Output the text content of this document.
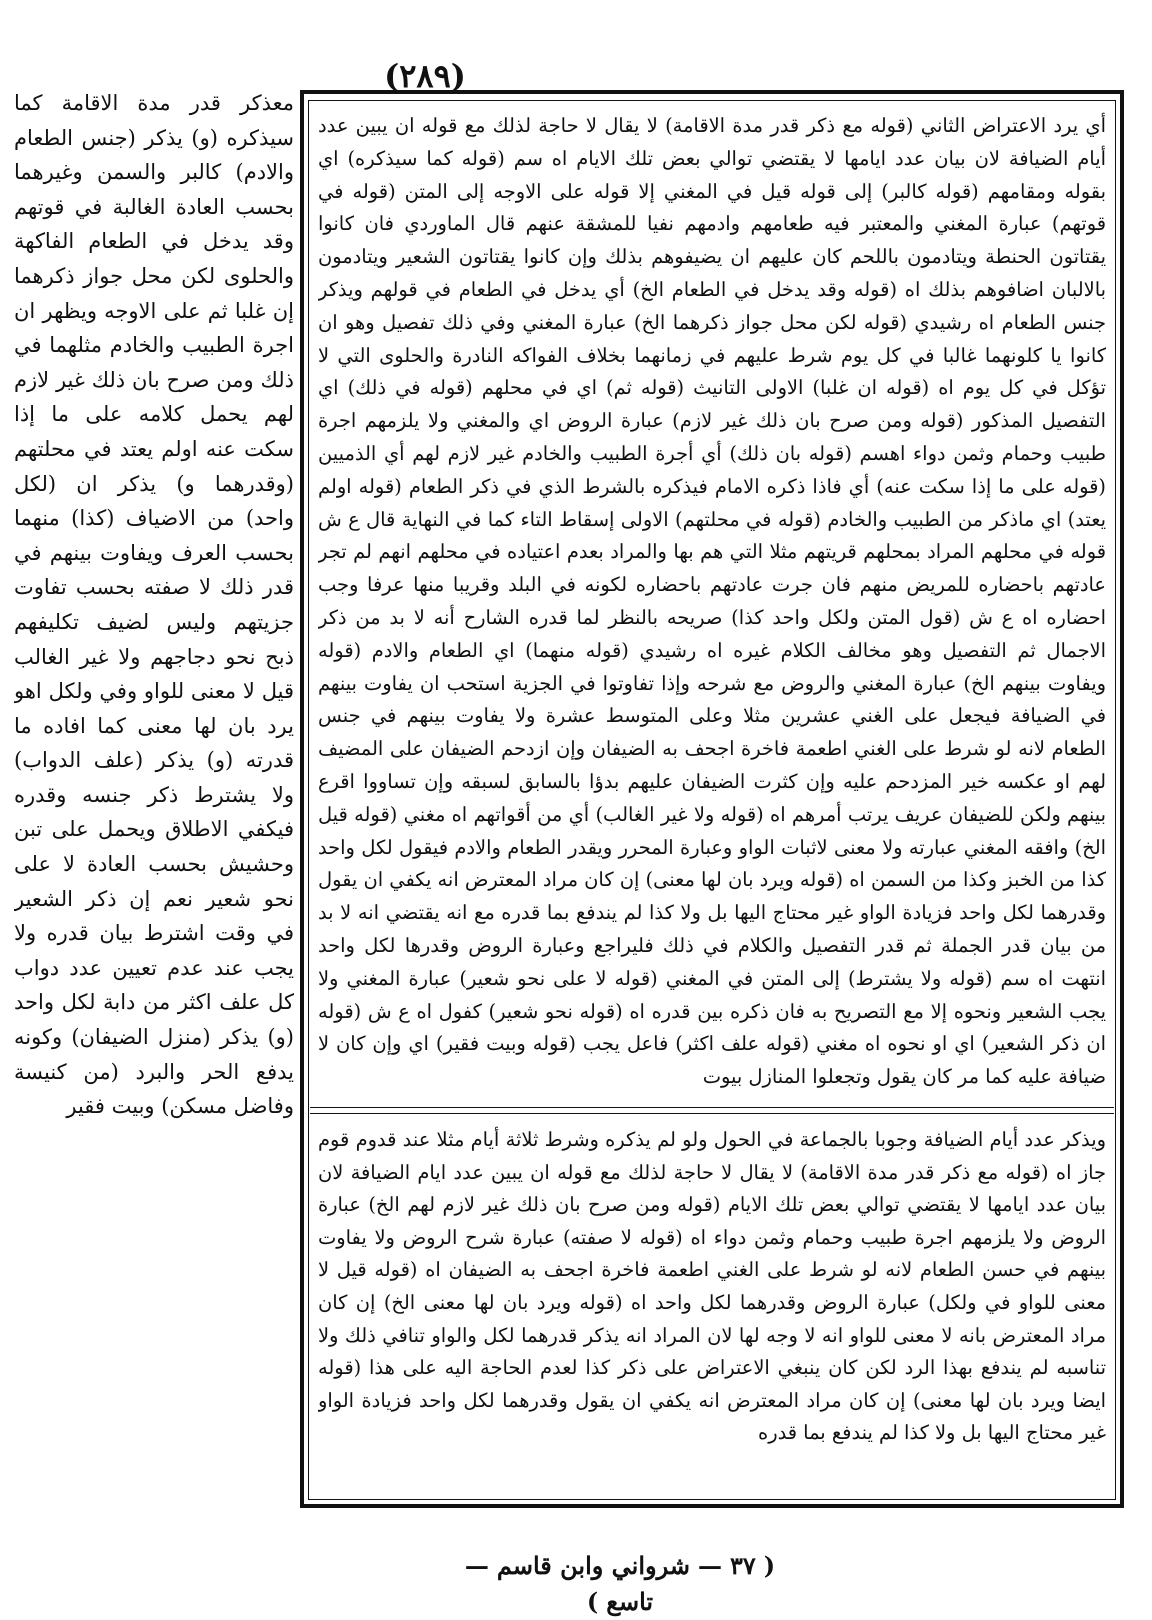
(٢٨٩)

أي يرد الاعتراض الثاني (قوله مع ذكر قدر مدة الاقامة) لا يقال لا حاجة لذلك مع قوله ان يبين عدد أيام الضيافة لان بيان عدد ايامها لا يقتضي توالي بعض تلك الايام اه سم (قوله كما سيذكره) اي بقوله ومقامهم (قوله كالبر) إلى قوله قيل في المغني إلا قوله على الاوجه إلى المتن (قوله في قوتهم) عبارة المغني والمعتبر فيه طعامهم وادمهم نفيا للمشقة عنهم قال الماوردي فان كانوا يقتاتون الحنطة ويتادمون باللحم كان عليهم ان يضيفوهم بذلك وإن كانوا يقتاتون الشعير ويتادمون بالالبان اضافوهم بذلك اه (قوله وقد يدخل في الطعام الخ) أي يدخل في الطعام في قولهم ويذكر جنس الطعام اه رشيدي (قوله لكن محل جواز ذكرهما الخ) عبارة المغني وفي ذلك تفصيل وهو ان كانوا يا كلونهما غالبا في كل يوم شرط عليهم في زمانهما بخلاف الفواكه النادرة والحلوى التي لا تؤكل في كل يوم اه (قوله ان غلبا) الاولى التانيث (قوله ثم) اي في محلهم (قوله في ذلك) اي التفصيل المذكور (قوله ومن صرح بان ذلك غير لازم) عبارة الروض اي والمغني ولا يلزمهم اجرة طبيب وحمام وثمن دواء اهسم (قوله بان ذلك) أي أجرة الطبيب والخادم غير لازم لهم أي الذميين (قوله على ما إذا سكت عنه) أي فاذا ذكره الامام فيذكره بالشرط الذي في ذكر الطعام (قوله اولم يعتد) اي ماذكر من الطبيب والخادم (قوله في محلتهم) الاولى إسقاط التاء كما في النهاية قال ع ش قوله في محلهم المراد بمحلهم قريتهم مثلا التي هم بها والمراد بعدم اعتياده في محلهم انهم لم تجر عادتهم باحضاره للمريض منهم فان جرت عادتهم باحضاره لكونه في البلد وقريبا منها عرفا وجب احضاره اه ع ش (قول المتن ولكل واحد كذا) صريحه بالنظر لما قدره الشارح أنه لا بد من ذكر الاجمال ثم التفصيل وهو مخالف الكلام غيره اه رشيدي (قوله منهما) اي الطعام والادم (قوله ويفاوت بينهم الخ) عبارة المغني والروض مع شرحه وإذا تفاوتوا في الجزية استحب ان يفاوت بينهم في الضيافة فيجعل على الغني عشرين مثلا وعلى المتوسط عشرة ولا يفاوت بينهم في جنس الطعام لانه لو شرط على الغني اطعمة فاخرة اجحف به الضيفان وإن ازدحم الضيفان على المضيف لهم او عكسه خير المزدحم عليه وإن كثرت الضيفان عليهم بدؤا بالسابق لسبقه وإن تساووا اقرع بينهم ولكن للضيفان عريف يرتب أمرهم اه (قوله ولا غير الغالب) أي من أقواتهم اه مغني (قوله قيل الخ) وافقه المغني عبارته ولا معنى لاثبات الواو وعبارة المحرر ويقدر الطعام والادم فيقول لكل واحد كذا من الخبز وكذا من السمن اه (قوله ويرد بان لها معنى) إن كان مراد المعترض انه يكفي ان يقول وقدرهما لكل واحد فزيادة الواو غير محتاج اليها بل ولا كذا لم يندفع بما قدره مع انه يقتضي انه لا بد من بيان قدر الجملة ثم قدر التفصيل والكلام في ذلك فليراجع وعبارة الروض وقدرها لكل واحد انتهت اه سم (قوله ولا يشترط) إلى المتن في المغني (قوله لا على نحو شعير) عبارة المغني ولا يجب الشعير ونحوه إلا مع التصريح به فان ذكره بين قدره اه (قوله نحو شعير) كفول اه ع ش (قوله ان ذكر الشعير) اي او نحوه اه مغني (قوله علف اكثر) فاعل يجب (قوله وبيت فقير) اي وإن كان لا ضيافة عليه كما مر كان يقول وتجعلوا المنازل بيوت

ويذكر عدد أيام الضيافة وجوبا بالجماعة في الحول ولو لم يذكره وشرط ثلاثة أيام مثلا عند قدوم قوم جاز اه (قوله مع ذكر قدر مدة الاقامة) لا يقال لا حاجة لذلك مع قوله ان يبين عدد ايام الضيافة لان بيان عدد ايامها لا يقتضي توالي بعض تلك الايام (قوله ومن صرح بان ذلك غير لازم لهم الخ) عبارة الروض ولا يلزمهم اجرة طبيب وحمام وثمن دواء اه (قوله لا صفته) عبارة شرح الروض ولا يفاوت بينهم في حسن الطعام لانه لو شرط على الغني اطعمة فاخرة اجحف به الضيفان اه (قوله قيل لا معنى للواو في ولكل) عبارة الروض وقدرهما لكل واحد اه (قوله ويرد بان لها معنى الخ) إن كان مراد المعترض بانه لا معنى للواو انه لا وجه لها لان المراد انه يذكر قدرهما لكل والواو تنافي ذلك ولا تناسبه لم يندفع بهذا الرد لكن كان ينبغي الاعتراض على ذكر كذا لعدم الحاجة اليه على هذا (قوله ايضا ويرد بان لها معنى) إن كان مراد المعترض انه يكفي ان يقول وقدرهما لكل واحد فزيادة الواو غير محتاج اليها بل ولا كذا لم يندفع بما قدره

معذكر قدر مدة الاقامة كما سيذكره (و) يذكر (جنس الطعام والادم) كالبر والسمن وغيرهما بحسب العادة الغالبة في قوتهم وقد يدخل في الطعام الفاكهة والحلوى لكن محل جواز ذكرهما إن غلبا ثم على الاوجه ويظهر ان اجرة الطبيب والخادم مثلهما في ذلك ومن صرح بان ذلك غير لازم لهم يحمل كلامه على ما إذا سكت عنه اولم يعتد في محلتهم (وقدرهما و) يذكر ان (لكل واحد) من الاضياف (كذا) منهما بحسب العرف ويفاوت بينهم في قدر ذلك لا صفته بحسب تفاوت جزيتهم وليس لضيف تكليفهم ذبح نحو دجاجهم ولا غير الغالب قيل لا معنى للواو وفي ولكل اهو يرد بان لها معنى كما افاده ما قدرته (و) يذكر (علف الدواب) ولا يشترط ذكر جنسه وقدره فيكفي الاطلاق ويحمل على تبن وحشيش بحسب العادة لا على نحو شعير نعم إن ذكر الشعير في وقت اشترط بيان قدره ولا يجب عند عدم تعيين عدد دواب كل علف اكثر من دابة لكل واحد (و) يذكر (منزل الضيفان) وكونه يدفع الحر والبرد (من كنيسة وفاضل مسكن) وبيت فقير

(٣٧—شرواني وابن قاسم—تاسع)
